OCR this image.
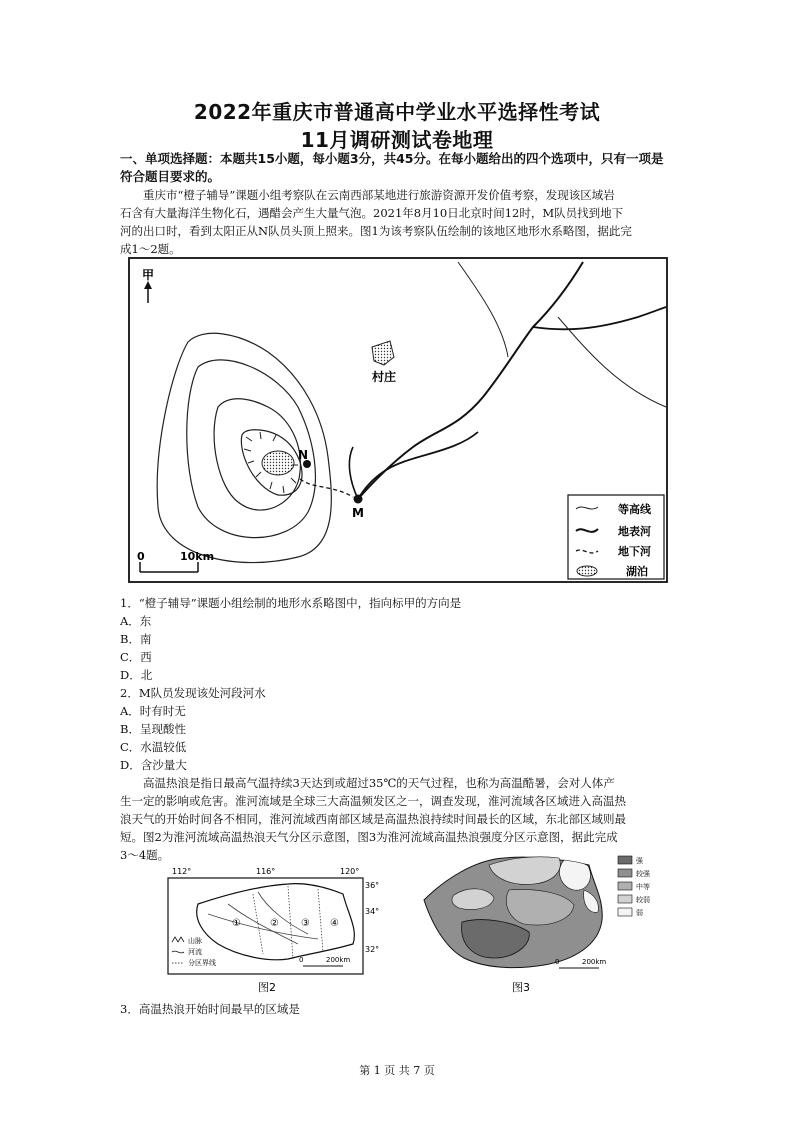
2022年重庆市普通高中学业水平选择性考试
11月调研测试卷地理
一、单项选择题：本题共15小题，每小题3分，共45分。在每小题给出的四个选项中，只有一项是
符合题目要求的。
重庆市“橙子辅导”课题小组考察队在云南西部某地进行旅游资源开发价值考察，发现该区域岩
石含有大量海洋生物化石，遇醋会产生大量气泡。2021年8月10日北京时间12时，M队员找到地下
河的出口时，看到太阳正从N队员头顶上照来。图1为该考察队伍绘制的该地区地形水系略图，据此完
成1～2题。
甲
村庄
N
M
0	10km
等高线
地表河
地下河
湖泊
1．“橙子辅导”课题小组绘制的地形水系略图中，指向标甲的方向是
A．东
B．南
C．西
D．北
2．M队员发现该处河段河水
A．时有时无
B．呈现酸性
C．水温较低
D．含沙量大
高温热浪是指日最高气温持续3天达到或超过35℃的天气过程，也称为高温酷暑，会对人体产
生一定的影响或危害。淮河流域是全球三大高温频发区之一，调查发现，淮河流域各区域进入高温热
浪天气的开始时间各不相同，淮河流域西南部区域是高温热浪持续时间最长的区域，东北部区域则最
短。图2为淮河流域高温热浪天气分区示意图，图3为淮河流域高温热浪强度分区示意图，据此完成
3～4题。
112°	116°	120°
36°
34°
32°
①	② ③ ④
山脉
河流
分区界线	0	200km
图2
强
较强
中等
较弱
弱
0	200km
图3
3．高温热浪开始时间最早的区域是
第 1 页 共 7 页
